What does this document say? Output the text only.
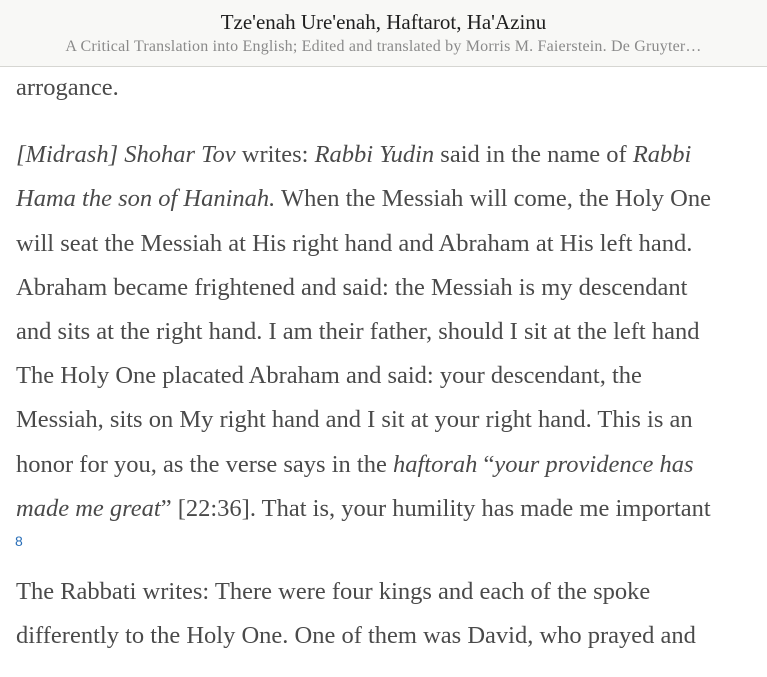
Tze'enah Ure'enah, Haftarot, Ha'Azinu
A Critical Translation into English; Edited and translated by Morris M. Faierstein. De Gruyter…

arrogance.

[Midrash] Shohar Tov writes: Rabbi Yudin said in the name of Rabbi
Hama the son of Haninah. When the Messiah will come, the Holy One
will seat the Messiah at His right hand and Abraham at His left hand.
Abraham became frightened and said: the Messiah is my descendant
and sits at the right hand. I am their father, should I sit at the left hand
The Holy One placated Abraham and said: your descendant, the
Messiah, sits on My right hand and I sit at your right hand. This is an
honor for you, as the verse says in the haftorah “your providence has
made me great” [22:36]. That is, your humility has made me important

8

The Rabbati writes: There were four kings and each of the spoke
differently to the Holy One. One of them was David, who prayed and
